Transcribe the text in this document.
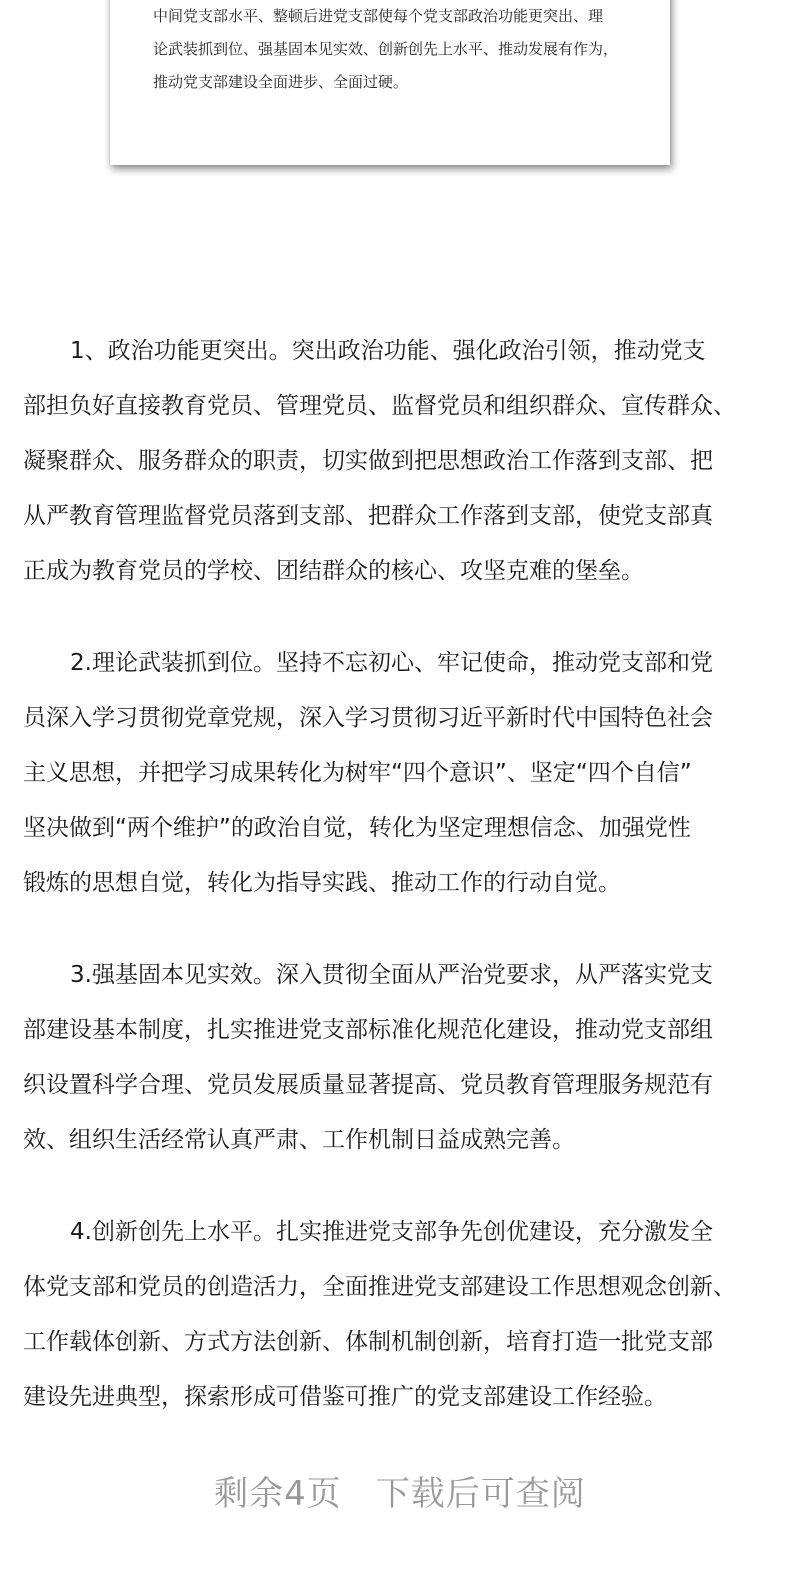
中间党支部水平、整顿后进党支部使每个党支部政治功能更突出、理
论武装抓到位、强基固本见实效、创新创先上水平、推动发展有作为，
推动党支部建设全面进步、全面过硬。

1、政治功能更突出。突出政治功能、强化政治引领，推动党支
部担负好直接教育党员、管理党员、监督党员和组织群众、宣传群众、
凝聚群众、服务群众的职责，切实做到把思想政治工作落到支部、把
从严教育管理监督党员落到支部、把群众工作落到支部，使党支部真
正成为教育党员的学校、团结群众的核心、攻坚克难的堡垒。

2.理论武装抓到位。坚持不忘初心、牢记使命，推动党支部和党
员深入学习贯彻党章党规，深入学习贯彻习近平新时代中国特色社会
主义思想，并把学习成果转化为树牢“四个意识”、坚定“四个自信”
坚决做到“两个维护”的政治自觉，转化为坚定理想信念、加强党性
锻炼的思想自觉，转化为指导实践、推动工作的行动自觉。

3.强基固本见实效。深入贯彻全面从严治党要求，从严落实党支
部建设基本制度，扎实推进党支部标准化规范化建设，推动党支部组
织设置科学合理、党员发展质量显著提高、党员教育管理服务规范有
效、组织生活经常认真严肃、工作机制日益成熟完善。

4.创新创先上水平。扎实推进党支部争先创优建设，充分激发全
体党支部和党员的创造活力，全面推进党支部建设工作思想观念创新、
工作载体创新、方式方法创新、体制机制创新，培育打造一批党支部
建设先进典型，探索形成可借鉴可推广的党支部建设工作经验。

剩余4页 下载后可查阅
